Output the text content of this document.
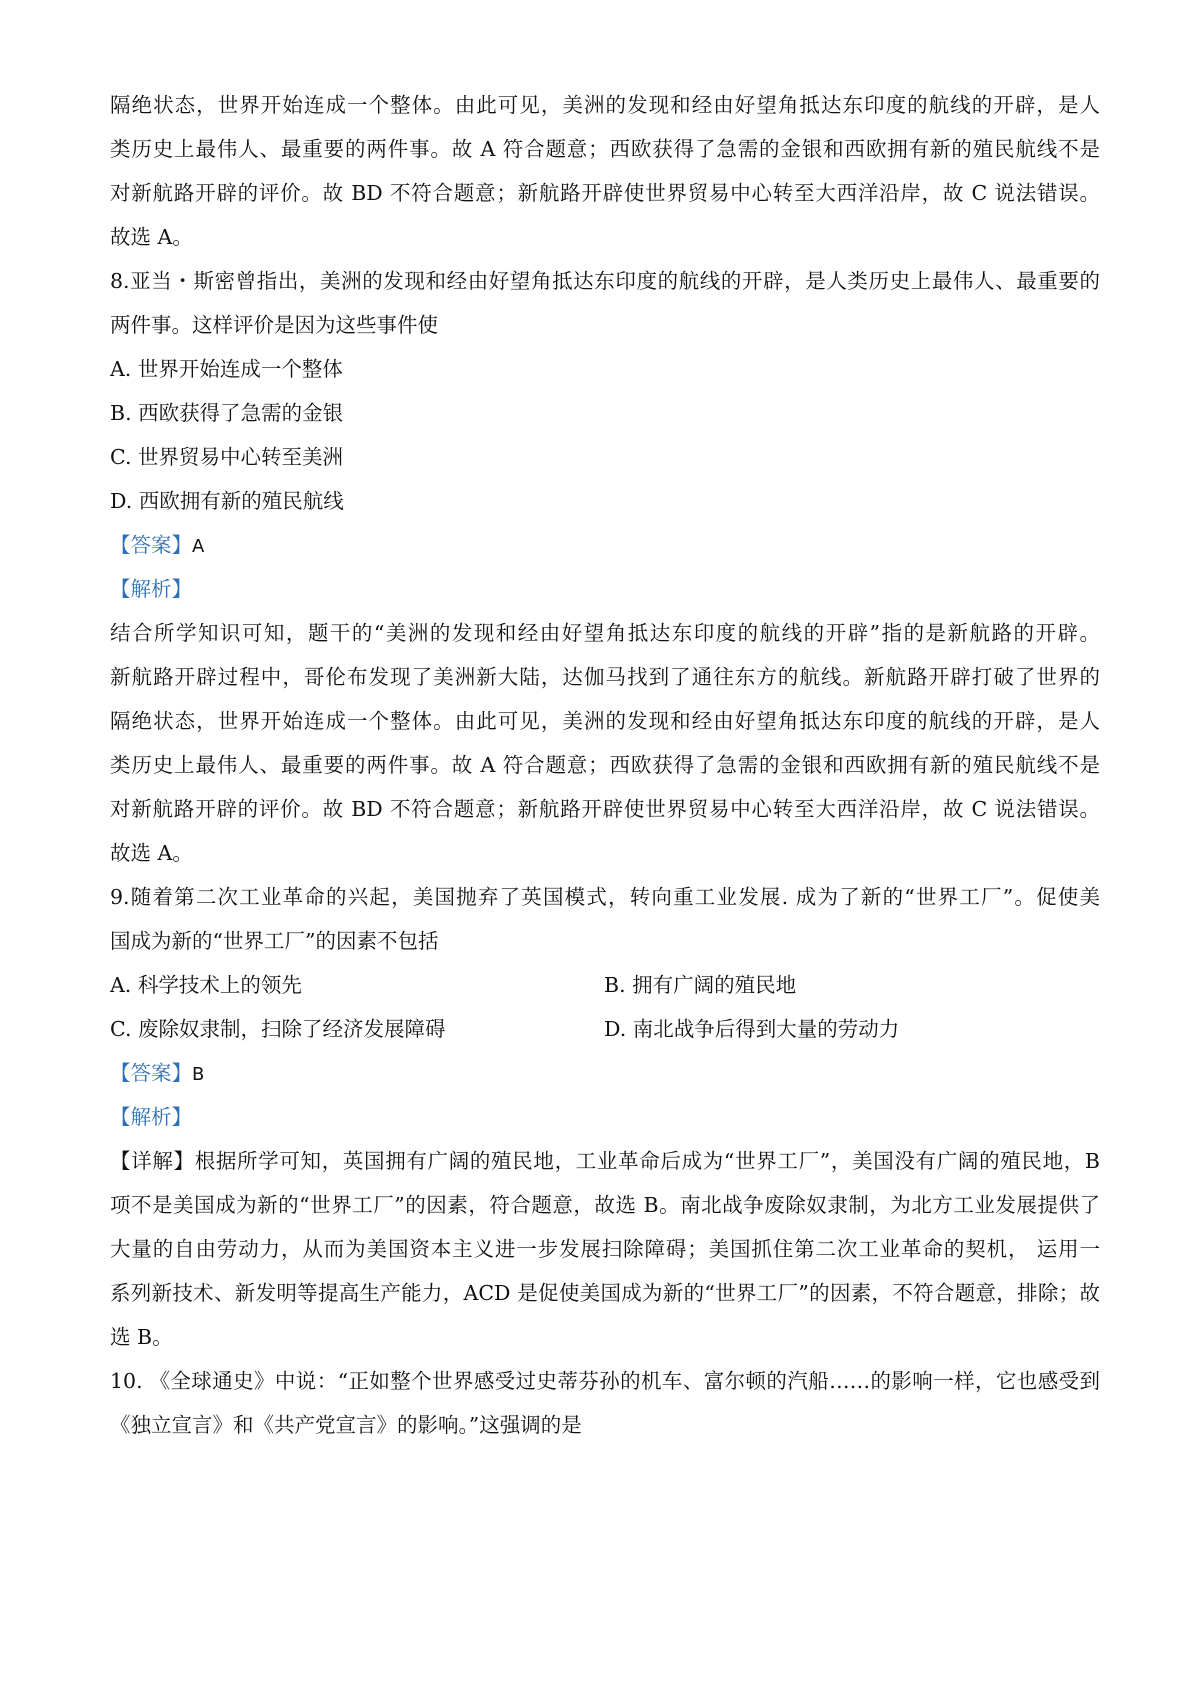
隔绝状态，世界开始连成一个整体。由此可见，美洲的发现和经由好望角抵达东印度的航线的开辟，是人
类历史上最伟人、最重要的两件事。故 A 符合题意；西欧获得了急需的金银和西欧拥有新的殖民航线不是
对新航路开辟的评价。故 BD 不符合题意；新航路开辟使世界贸易中心转至大西洋沿岸，故 C 说法错误。
故选 A。
8.亚当・斯密曾指出，美洲的发现和经由好望角抵达东印度的航线的开辟，是人类历史上最伟人、最重要的
两件事。这样评价是因为这些事件使
A. 世界开始连成一个整体
B. 西欧获得了急需的金银
C. 世界贸易中心转至美洲
D. 西欧拥有新的殖民航线
【答案】A
【解析】
结合所学知识可知，题干的“美洲的发现和经由好望角抵达东印度的航线的开辟”指的是新航路的开辟。
新航路开辟过程中，哥伦布发现了美洲新大陆，达伽马找到了通往东方的航线。新航路开辟打破了世界的
隔绝状态，世界开始连成一个整体。由此可见，美洲的发现和经由好望角抵达东印度的航线的开辟，是人
类历史上最伟人、最重要的两件事。故 A 符合题意；西欧获得了急需的金银和西欧拥有新的殖民航线不是
对新航路开辟的评价。故 BD 不符合题意；新航路开辟使世界贸易中心转至大西洋沿岸，故 C 说法错误。
故选 A。
9.随着第二次工业革命的兴起，美国抛弃了英国模式，转向重工业发展. 成为了新的“世界工厂”。促使美
国成为新的“世界工厂”的因素不包括
A. 科学技术上的领先	B. 拥有广阔的殖民地
C. 废除奴隶制，扫除了经济发展障碍	D. 南北战争后得到大量的劳动力
【答案】B
【解析】
【详解】根据所学可知，英国拥有广阔的殖民地，工业革命后成为“世界工厂”，美国没有广阔的殖民地，B
项不是美国成为新的“世界工厂”的因素，符合题意，故选 B。南北战争废除奴隶制，为北方工业发展提供了
大量的自由劳动力，从而为美国资本主义进一步发展扫除障碍；美国抓住第二次工业革命的契机， 运用一
系列新技术、新发明等提高生产能力，ACD 是促使美国成为新的“世界工厂”的因素，不符合题意，排除；故
选 B。
10. 《全球通史》中说：“正如整个世界感受过史蒂芬孙的机车、富尔顿的汽船……的影响一样，它也感受到
《独立宣言》和《共产党宣言》的影响。”这强调的是
